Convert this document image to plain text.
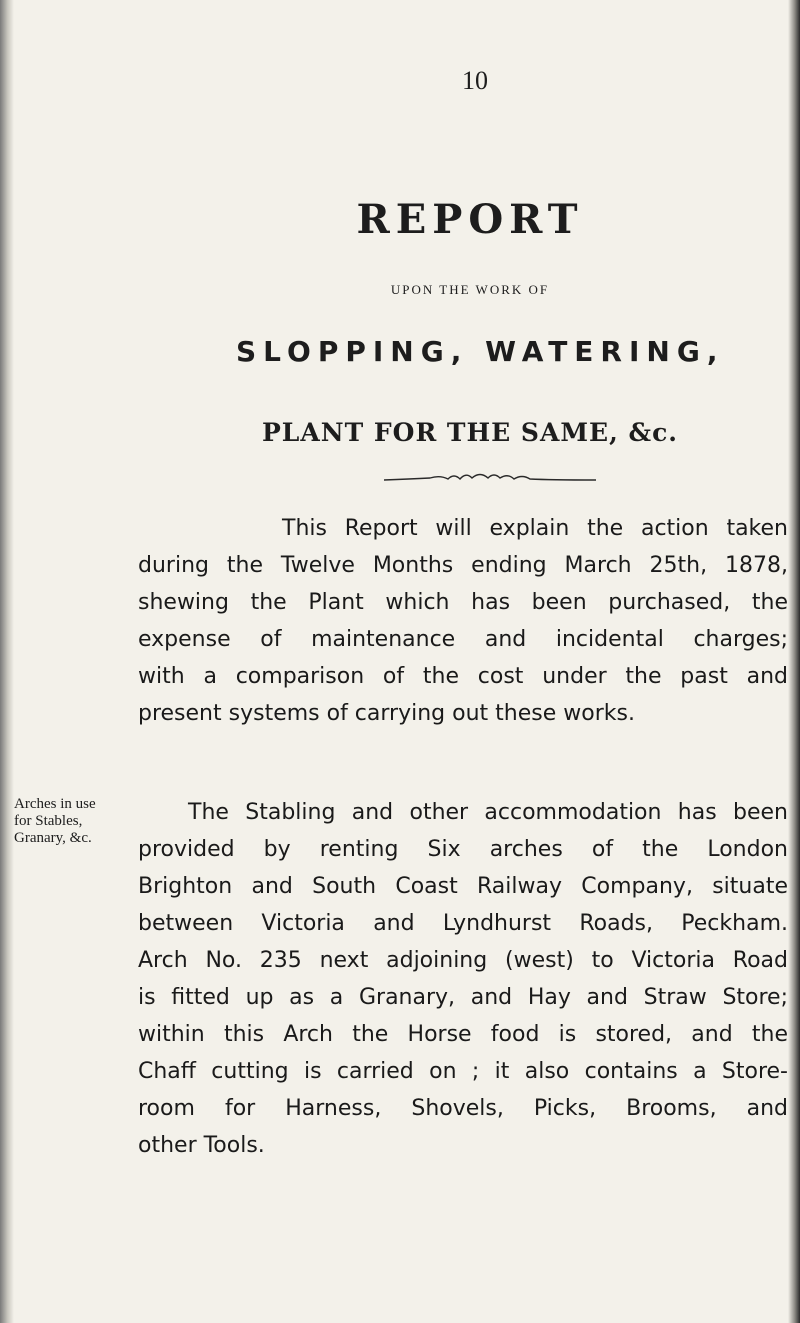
10
REPORT
UPON THE WORK OF
SLOPPING, WATERING,
PLANT FOR THE SAME, &c.
This Report will explain the action taken
during the Twelve Months ending March 25th, 1878,
shewing the Plant which has been purchased, the
expense of maintenance and incidental charges;
with a comparison of the cost under the past and
present systems of carrying out these works.
Arches in use
for Stables,
Granary, &c.
The Stabling and other accommodation has been
provided by renting Six arches of the London
Brighton and South Coast Railway Company, situate
between Victoria and Lyndhurst Roads, Peckham.
Arch No. 235 next adjoining (west) to Victoria Road
is fitted up as a Granary, and Hay and Straw Store;
within this Arch the Horse food is stored, and the
Chaff cutting is carried on ; it also contains a Store-
room for Harness, Shovels, Picks, Brooms, and
other Tools.
